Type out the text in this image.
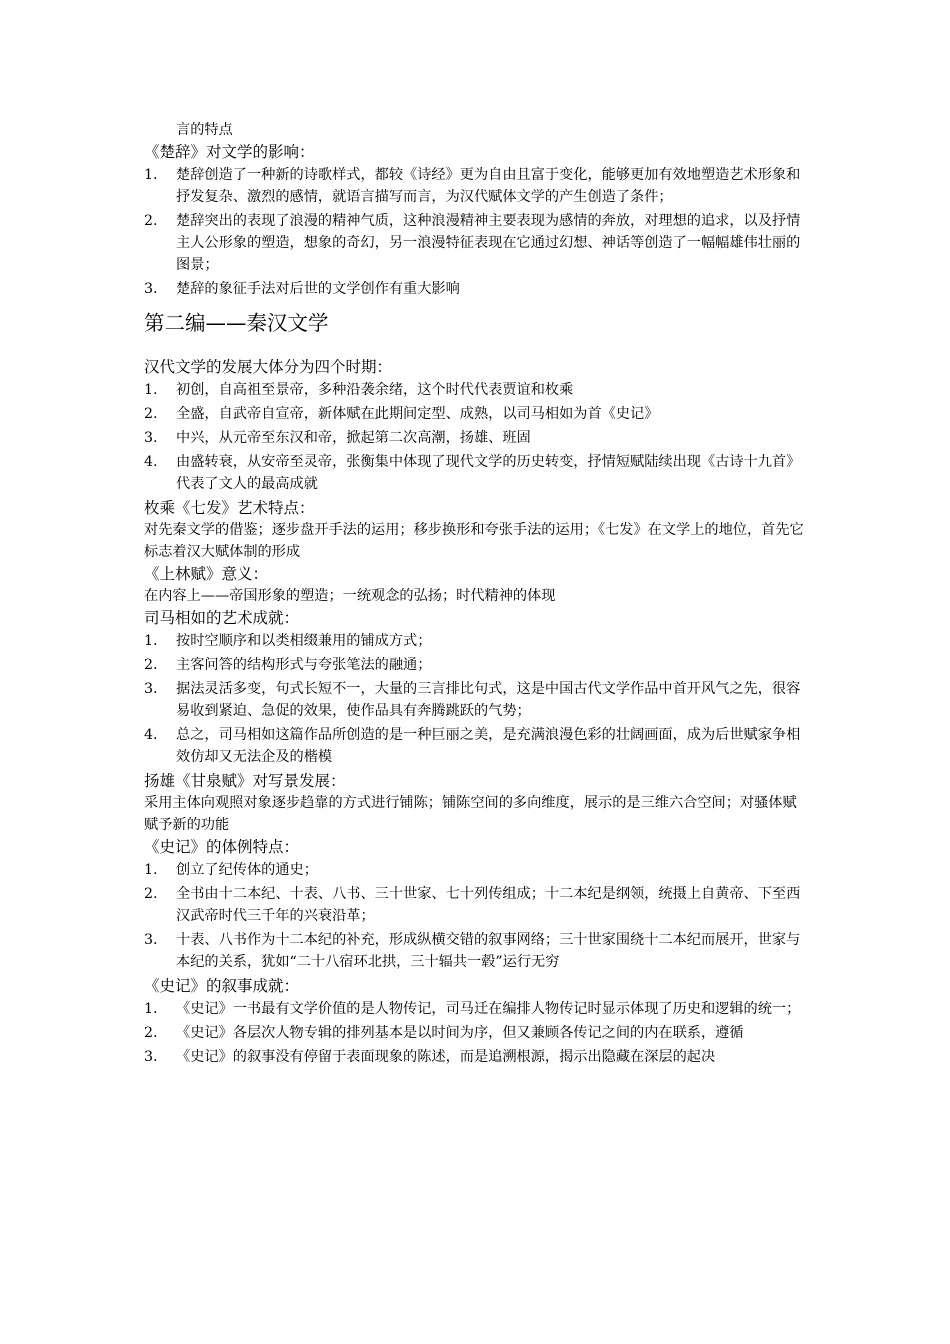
言的特点

《楚辞》对文学的影响：
1.	楚辞创造了一种新的诗歌样式，都较《诗经》更为自由且富于变化，能够更加有效地塑造艺术形象和抒发复杂、激烈的感情，就语言描写而言，为汉代赋体文学的产生创造了条件；
2.	楚辞突出的表现了浪漫的精神气质，这种浪漫精神主要表现为感情的奔放，对理想的追求，以及抒情主人公形象的塑造，想象的奇幻，另一浪漫特征表现在它通过幻想、神话等创造了一幅幅雄伟壮丽的图景；
3.	楚辞的象征手法对后世的文学创作有重大影响
第二编——秦汉文学
汉代文学的发展大体分为四个时期：
1.	初创，自高祖至景帝，多种沿袭余绪，这个时代代表贾谊和枚乘
2.	全盛，自武帝自宣帝，新体赋在此期间定型、成熟，以司马相如为首《史记》
3.	中兴，从元帝至东汉和帝，掀起第二次高潮，扬雄、班固
4.	由盛转衰，从安帝至灵帝，张衡集中体现了现代文学的历史转变，抒情短赋陆续出现《古诗十九首》代表了文人的最高成就
枚乘《七发》艺术特点：

对先秦文学的借鉴；逐步盘开手法的运用；移步换形和夸张手法的运用；《七发》在文学上的地位，首先它标志着汉大赋体制的形成

《上林赋》意义：

在内容上——帝国形象的塑造；一统观念的弘扬；时代精神的体现

司马相如的艺术成就：
1.	按时空顺序和以类相缀兼用的铺成方式；
2.	主客问答的结构形式与夸张笔法的融通；
3.	据法灵活多变，句式长短不一，大量的三言排比句式，这是中国古代文学作品中首开风气之先，很容易收到紧迫、急促的效果，使作品具有奔腾跳跃的气势；
4.	总之，司马相如这篇作品所创造的是一种巨丽之美，是充满浪漫色彩的壮阔画面，成为后世赋家争相效仿却又无法企及的楷模
扬雄《甘泉赋》对写景发展：

采用主体向观照对象逐步趋靠的方式进行铺陈；铺陈空间的多向维度，展示的是三维六合空间；对骚体赋赋予新的功能

《史记》的体例特点：
1.	创立了纪传体的通史；
2.	全书由十二本纪、十表、八书、三十世家、七十列传组成；十二本纪是纲领，统摄上自黄帝、下至西汉武帝时代三千年的兴衰沿革；
3.	十表、八书作为十二本纪的补充，形成纵横交错的叙事网络；三十世家围绕十二本纪而展开，世家与本纪的关系，犹如“二十八宿环北拱，三十辐共一毂”运行无穷
《史记》的叙事成就：
1.	《史记》一书最有文学价值的是人物传记，司马迁在编排人物传记时显示体现了历史和逻辑的统一；
2.	《史记》各层次人物专辑的排列基本是以时间为序，但又兼顾各传记之间的内在联系，遵循
3.	《史记》的叙事没有停留于表面现象的陈述，而是追溯根源，揭示出隐藏在深层的起决
